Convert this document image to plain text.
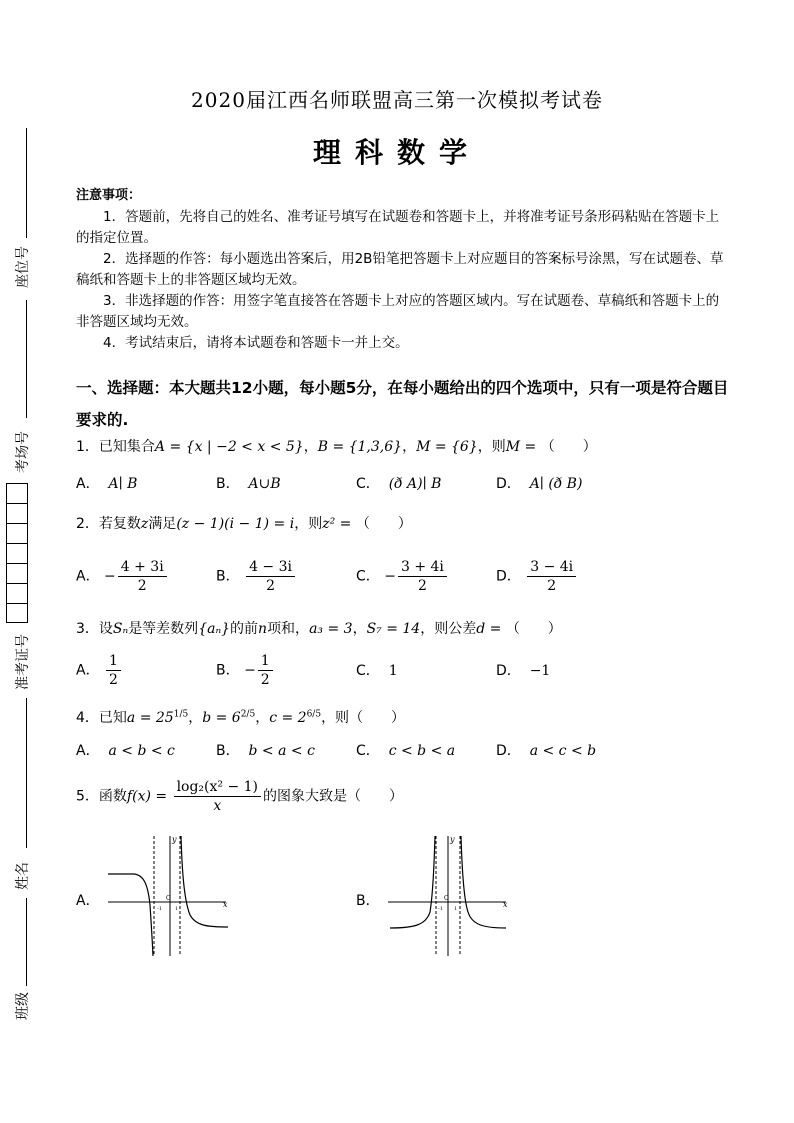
座位号
考场号
准考证号
姓名
班级
2020届江西名师联盟高三第一次模拟考试卷
理科数学
注意事项：

1．答题前，先将自己的姓名、准考证号填写在试题卷和答题卡上，并将准考证号条形码粘贴在答题卡上的指定位置。

2．选择题的作答：每小题选出答案后，用2B铅笔把答题卡上对应题目的答案标号涂黑，写在试题卷、草稿纸和答题卡上的非答题区域均无效。

3．非选择题的作答：用签字笔直接答在答题卡上对应的答题区域内。写在试题卷、草稿纸和答题卡上的非答题区域均无效。

4．考试结束后，请将本试题卷和答题卡一并上交。

一、选择题：本大题共12小题，每小题5分，在每小题给出的四个选项中，只有一项是符合题目要求的.
1．已知集合A = {x | −2 < x < 5}，B = {1,3,6}，M = {6}，则M = （　　）
A． A∣ B	B． A∪B	C． (ð A)∣ B	D． A∣ (ð B)
2．若复数z满足(z − 1)(i − 1) = i，则z² = （　　）
A． − $\frac{4 + 3i}{2}$	B． $\frac{4 - 3i}{2}$	C． − $\frac{3 + 4i}{2}$	D． $\frac{3 - 4i}{2}$
3．设Sₙ是等差数列{aₙ}的前n项和，a₃ = 3，S₇ = 14，则公差d = （　　）
A． $\frac{1}{2}$	B． − $\frac{1}{2}$	C． 1	D． −1
4．已知$a = 25^{1/5}$，$b = 6^{2/5}$，$c = 2^{6/5}$，则（　　）
A． a < b < c	B． b < a < c	C． c < b < a	D． a < c < b
5．函数$f(x) = \frac{\text{log₂(x² − 1)}}{x}$ 的图象大致是（　　）
A．	x
y
O
-1	1	B．	x
y
O
-1 1
